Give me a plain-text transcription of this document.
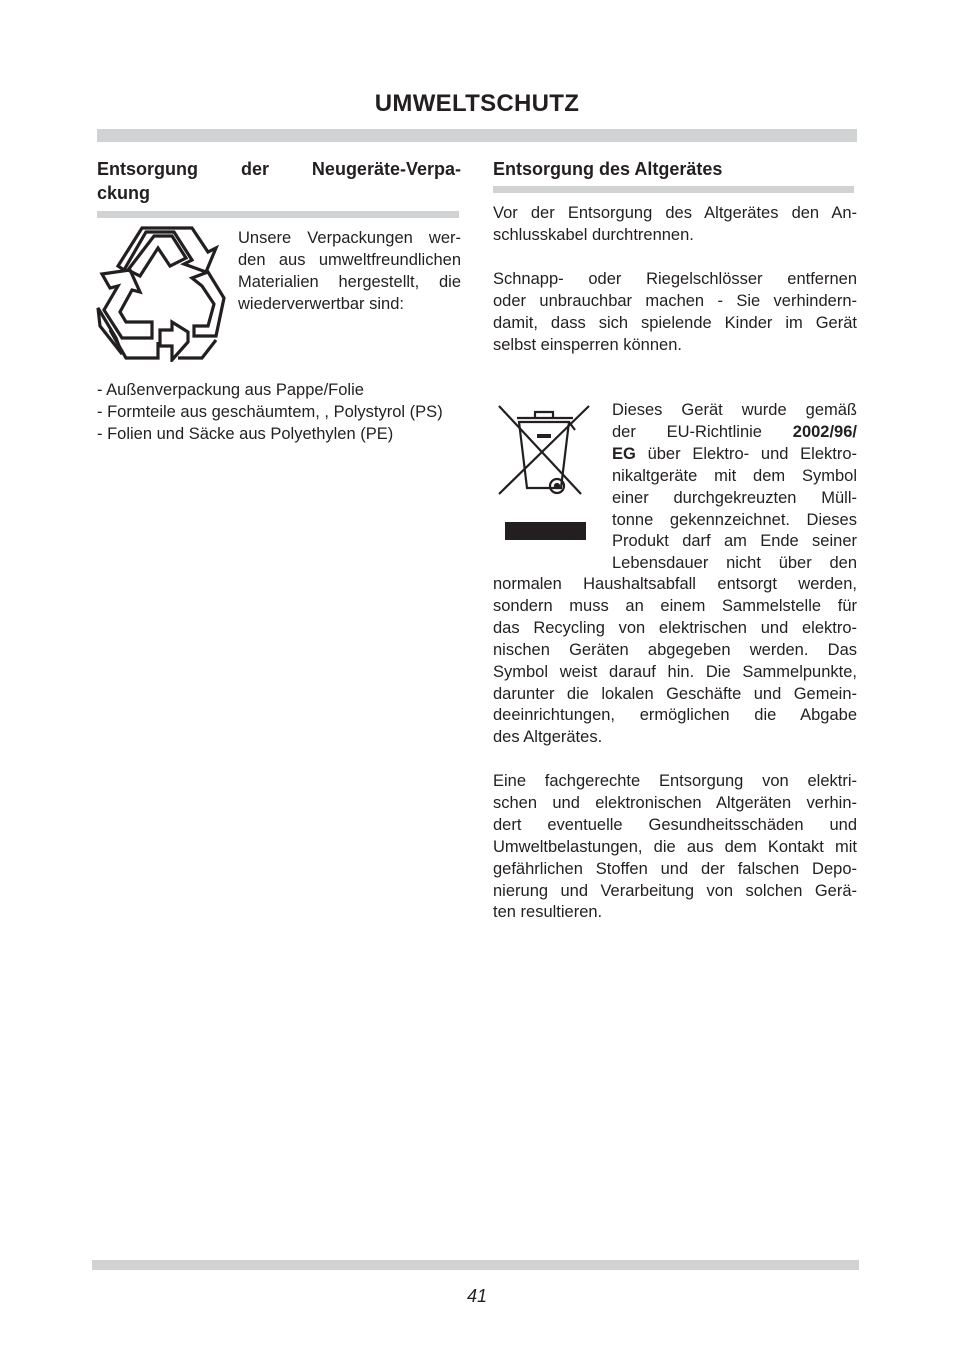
UMWELTSCHUTZ
Entsorgung der Neugeräte-Verpa-
ckung
Unsere Verpackungen wer-
den aus umweltfreundlichen
Materialien hergestellt, die
wiederverwertbar sind:
- Außenverpackung aus Pappe/Folie
- Formteile aus geschäumtem, , Polystyrol (PS)
- Folien und Säcke aus Polyethylen (PE)
Entsorgung des Altgerätes
Vor der Entsorgung des Altgerätes den An-
schlusskabel durchtrennen.
Schnapp- oder Riegelschlösser entfernen
oder unbrauchbar machen - Sie verhindern-
damit, dass sich spielende Kinder im Gerät
selbst einsperren können.
Dieses Gerät wurde gemäß
der EU-Richtlinie 2002/96/
EG über Elektro- und Elektro-
nikaltgeräte mit dem Symbol
einer durchgekreuzten Müll-
tonne gekennzeichnet. Dieses
Produkt darf am Ende seiner
Lebensdauer nicht über den
normalen Haushaltsabfall entsorgt werden,
sondern muss an einem Sammelstelle für
das Recycling von elektrischen und elektro-
nischen Geräten abgegeben werden. Das
Symbol weist darauf hin. Die Sammelpunkte,
darunter die lokalen Geschäfte und Gemein-
deeinrichtungen, ermöglichen die Abgabe
des Altgerätes.
Eine fachgerechte Entsorgung von elektri-
schen und elektronischen Altgeräten verhin-
dert eventuelle Gesundheitsschäden und
Umweltbelastungen, die aus dem Kontakt mit
gefährlichen Stoffen und der falschen Depo-
nierung und Verarbeitung von solchen Gerä-
ten resultieren.
41
